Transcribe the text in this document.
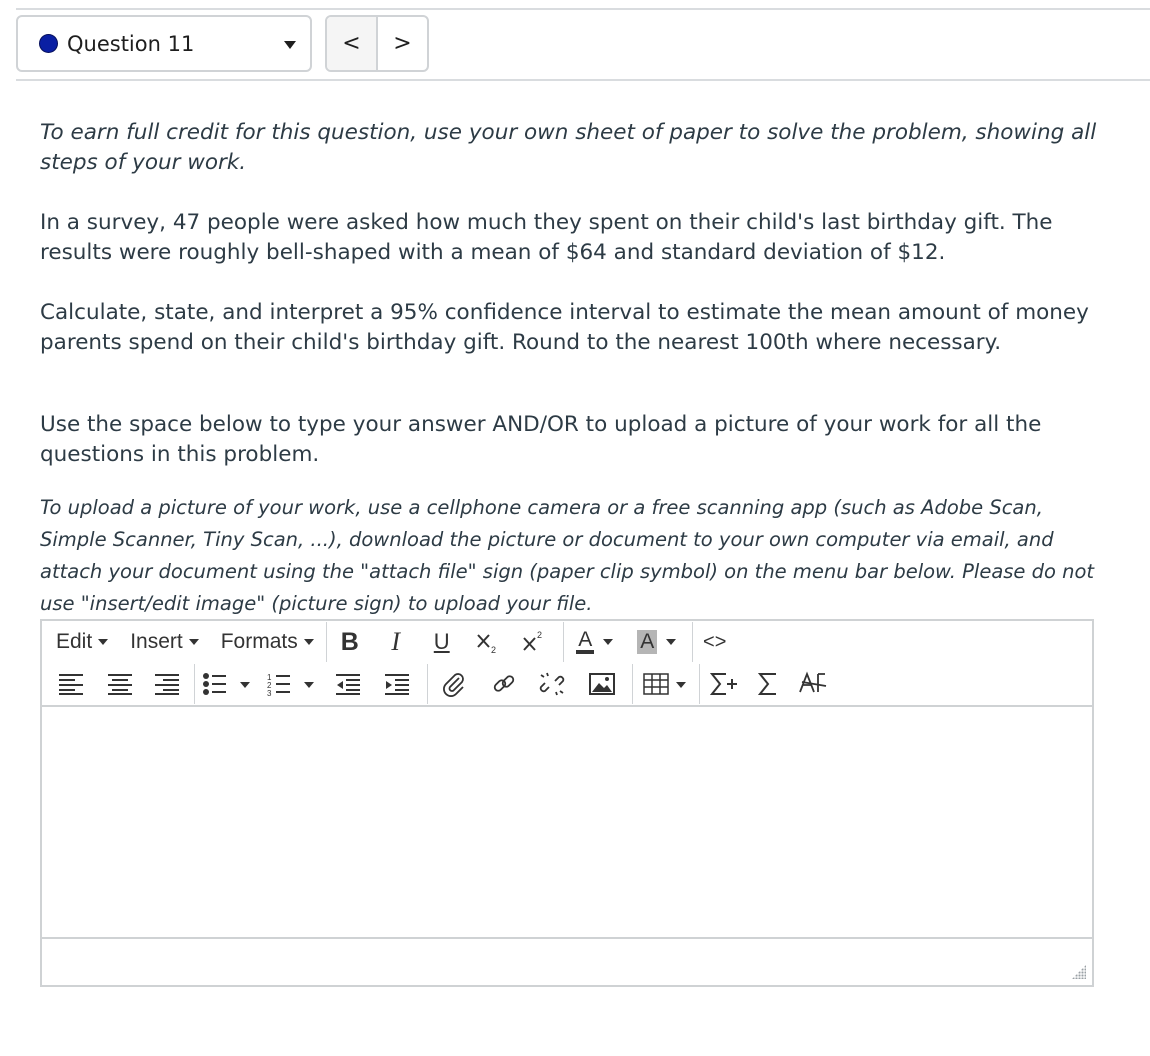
Question 11	<	>

To earn full credit for this question, use your own sheet of paper to solve the problem, showing all steps of your work.

In a survey, 47 people were asked how much they spent on their child's last birthday gift. The results were roughly bell-shaped with a mean of $64 and standard deviation of $12.

Calculate, state, and interpret a 95% confidence interval to estimate the mean amount of money parents spend on their child's birthday gift. Round to the nearest 100th where necessary.

Use the space below to type your answer AND/OR to upload a picture of your work for all the questions in this problem.

To upload a picture of your work, use a cellphone camera or a free scanning app (such as Adobe Scan, Simple Scanner, Tiny Scan, ...), download the picture or document to your own computer via email, and attach your document using the "attach file" sign (paper clip symbol) on the menu bar below. Please do not use "insert/edit image" (picture sign) to upload your file.

Edit Insert Formats	B	I	U	2
2 A A	<>
1
2
3
